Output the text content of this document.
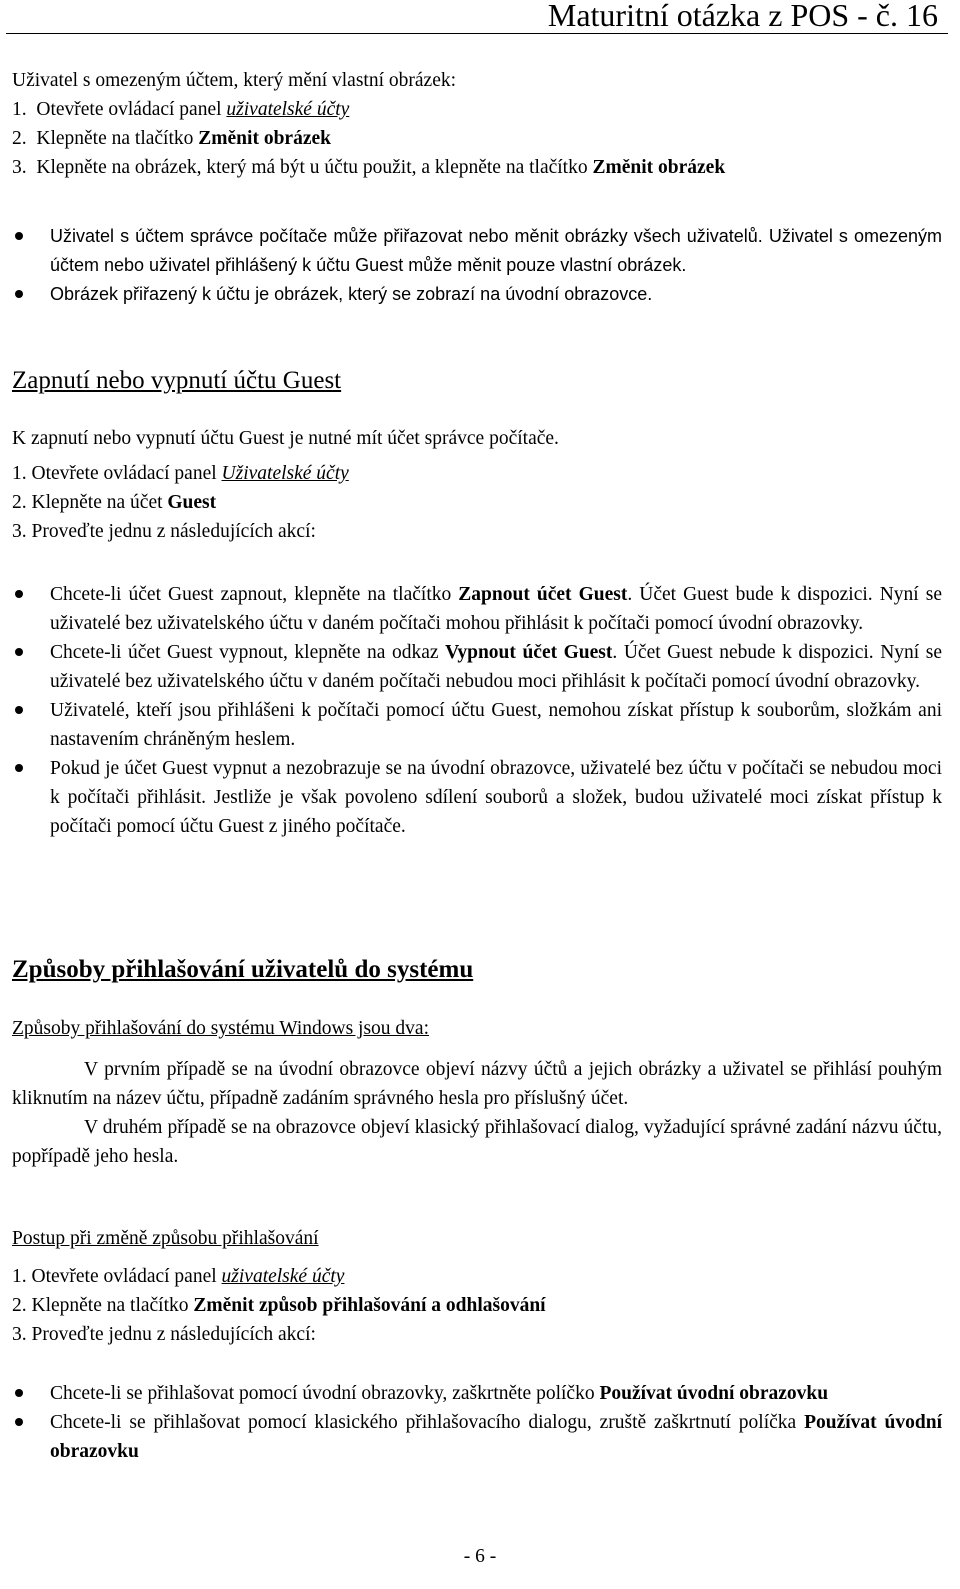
Maturitní otázka z POS - č. 16

Uživatel s omezeným účtem, který mění vlastní obrázek:

1. Otevřete ovládací panel uživatelské účty

2. Klepněte na tlačítko Změnit obrázek

3. Klepněte na obrázek, který má být u účtu použit, a klepněte na tlačítko Změnit obrázek

Uživatel s účtem správce počítače může přiřazovat nebo měnit obrázky všech uživatelů. Uživatel s omezeným účtem nebo uživatel přihlášený k účtu Guest může měnit pouze vlastní obrázek.
Obrázek přiřazený k účtu je obrázek, který se zobrazí na úvodní obrazovce.
Zapnutí nebo vypnutí účtu Guest

K zapnutí nebo vypnutí účtu Guest je nutné mít účet správce počítače.

1. Otevřete ovládací panel Uživatelské účty

2. Klepněte na účet Guest

3. Proveďte jednu z následujících akcí:

Chcete-li účet Guest zapnout, klepněte na tlačítko Zapnout účet Guest. Účet Guest bude k dispozici. Nyní se uživatelé bez uživatelského účtu v daném počítači mohou přihlásit k počítači pomocí úvodní obrazovky.
Chcete-li účet Guest vypnout, klepněte na odkaz Vypnout účet Guest. Účet Guest nebude k dispozici. Nyní se uživatelé bez uživatelského účtu v daném počítači nebudou moci přihlásit k počítači pomocí úvodní obrazovky.
Uživatelé, kteří jsou přihlášeni k počítači pomocí účtu Guest, nemohou získat přístup k souborům, složkám ani nastavením chráněným heslem.
Pokud je účet Guest vypnut a nezobrazuje se na úvodní obrazovce, uživatelé bez účtu v počítači se nebudou moci k počítači přihlásit. Jestliže je však povoleno sdílení souborů a složek, budou uživatelé moci získat přístup k počítači pomocí účtu Guest z jiného počítače.
Způsoby přihlašování uživatelů do systému

Způsoby přihlašování do systému Windows jsou dva:

V prvním případě se na úvodní obrazovce objeví názvy účtů a jejich obrázky a uživatel se přihlásí pouhým kliknutím na název účtu, případně zadáním správného hesla pro příslušný účet.

V druhém případě se na obrazovce objeví klasický přihlašovací dialog, vyžadující správné zadání názvu účtu, popřípadě jeho hesla.

Postup při změně způsobu přihlašování

1. Otevřete ovládací panel uživatelské účty

2. Klepněte na tlačítko Změnit způsob přihlašování a odhlašování

3. Proveďte jednu z následujících akcí:

Chcete-li se přihlašovat pomocí úvodní obrazovky, zaškrtněte políčko Používat úvodní obrazovku
Chcete-li se přihlašovat pomocí klasického přihlašovacího dialogu, zruště zaškrtnutí políčka Používat úvodní obrazovku
- 6 -
